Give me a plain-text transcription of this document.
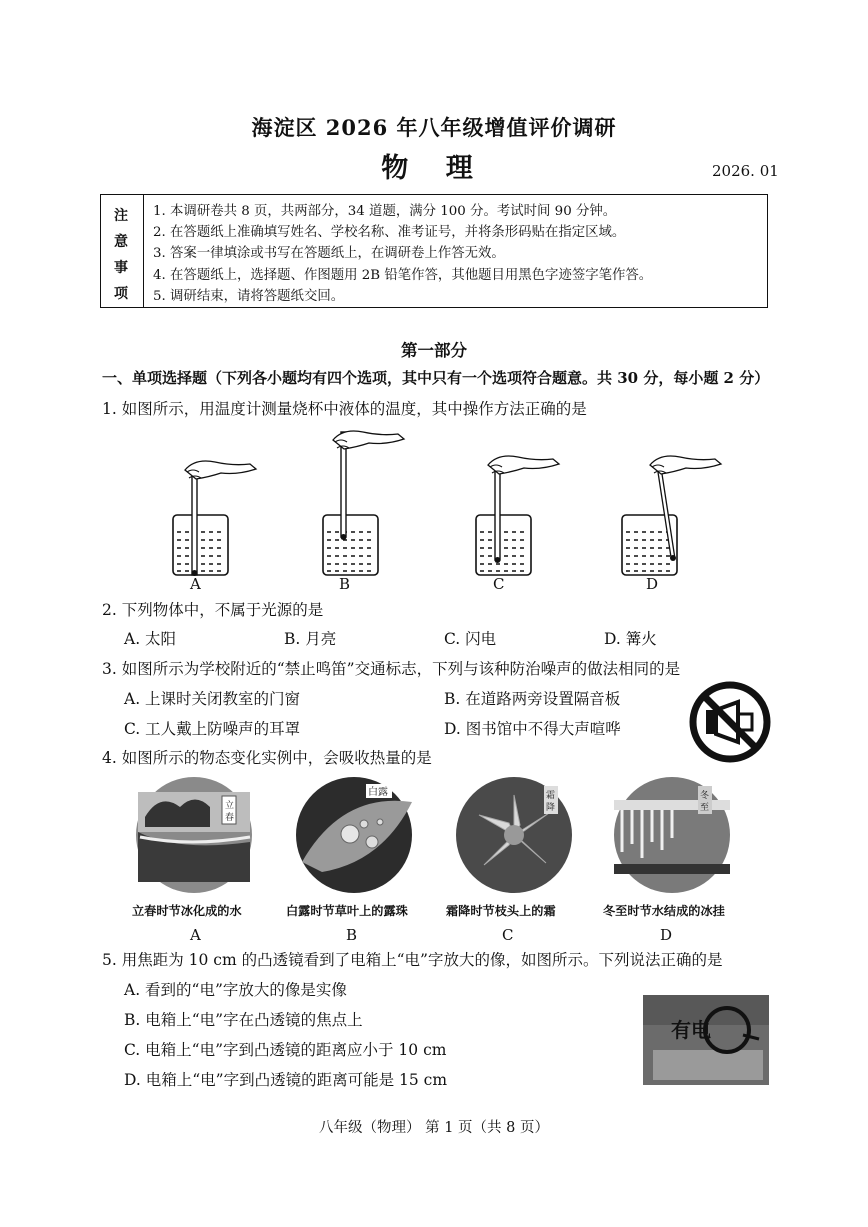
海淀区 2026 年八年级增值评价调研
物 理	2026. 01
注
意
事
项
1. 本调研卷共 8 页，共两部分，34 道题，满分 100 分。考试时间 90 分钟。
2. 在答题纸上准确填写姓名、学校名称、准考证号，并将条形码贴在指定区域。
3. 答案一律填涂或书写在答题纸上，在调研卷上作答无效。
4. 在答题纸上，选择题、作图题用 2B 铅笔作答，其他题目用黑色字迹签字笔作答。
5. 调研结束，请将答题纸交回。
第一部分
一、单项选择题（下列各小题均有四个选项，其中只有一个选项符合题意。共 30 分，每小题 2 分）
1. 如图所示，用温度计测量烧杯中液体的温度，其中操作方法正确的是
A	B	C	D
2. 下列物体中，不属于光源的是
A. 太阳	B. 月亮	C. 闪电	D. 篝火
3. 如图所示为学校附近的“禁止鸣笛”交通标志，下列与该种防治噪声的做法相同的是
A. 上课时关闭教室的门窗	B. 在道路两旁设置隔音板
C. 工人戴上防噪声的耳罩	D. 图书馆中不得大声喧哗
4. 如图所示的物态变化实例中，会吸收热量的是
立
春
白露	霜
降
冬
至
立春时节冰化成的水	白露时节草叶上的露珠	霜降时节枝头上的霜	冬至时节水结成的冰挂
A	B	C	D
5. 用焦距为 10 cm 的凸透镜看到了电箱上“电”字放大的像，如图所示。下列说法正确的是
A. 看到的“电”字放大的像是实像
B. 电箱上“电”字在凸透镜的焦点上
C. 电箱上“电”字到凸透镜的距离应小于 10 cm
D. 电箱上“电”字到凸透镜的距离可能是 15 cm
有电
八年级（物理） 第 1 页（共 8 页）
